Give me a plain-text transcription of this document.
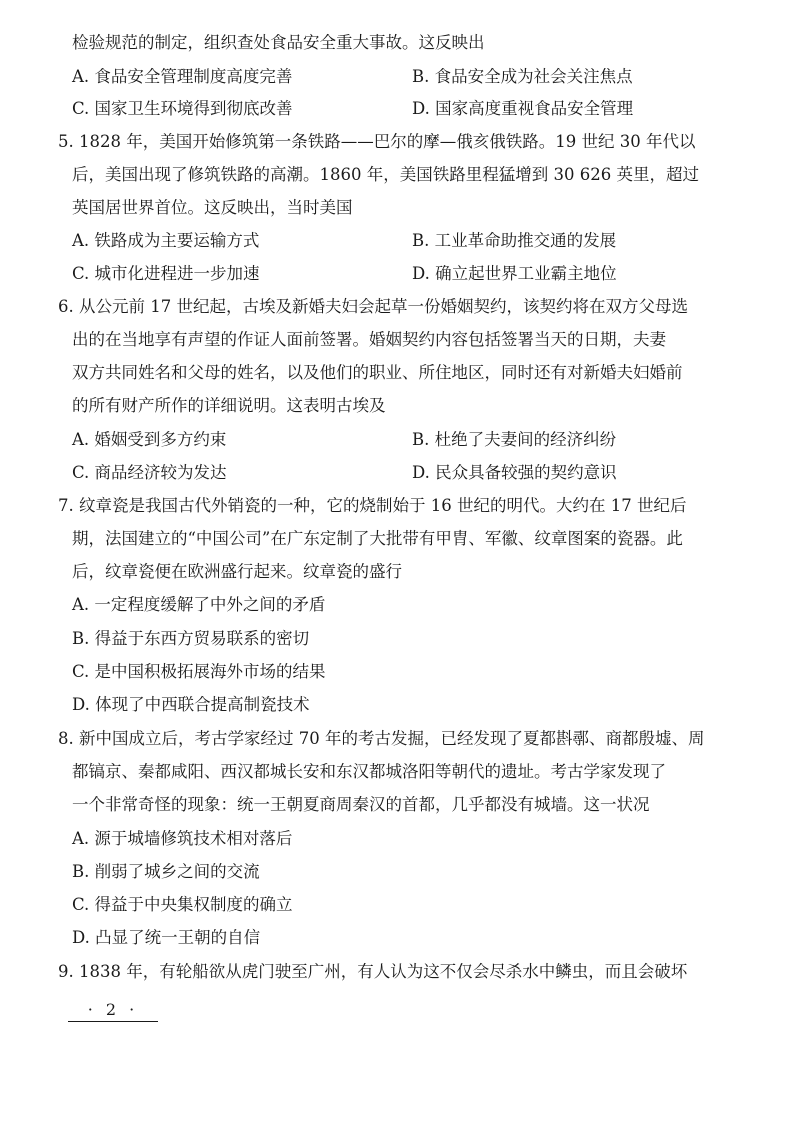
检验规范的制定，组织查处食品安全重大事故。这反映出
A. 食品安全管理制度高度完善	B. 食品安全成为社会关注焦点
C. 国家卫生环境得到彻底改善	D. 国家高度重视食品安全管理
5. 1828 年，美国开始修筑第一条铁路——巴尔的摩—俄亥俄铁路。19 世纪 30 年代以
后，美国出现了修筑铁路的高潮。1860 年，美国铁路里程猛增到 30 626 英里，超过
英国居世界首位。这反映出，当时美国
A. 铁路成为主要运输方式	B. 工业革命助推交通的发展
C. 城市化进程进一步加速	D. 确立起世界工业霸主地位
6. 从公元前 17 世纪起，古埃及新婚夫妇会起草一份婚姻契约，该契约将在双方父母选
出的在当地享有声望的作证人面前签署。婚姻契约内容包括签署当天的日期，夫妻
双方共同姓名和父母的姓名，以及他们的职业、所住地区，同时还有对新婚夫妇婚前
的所有财产所作的详细说明。这表明古埃及
A. 婚姻受到多方约束	B. 杜绝了夫妻间的经济纠纷
C. 商品经济较为发达	D. 民众具备较强的契约意识
7. 纹章瓷是我国古代外销瓷的一种，它的烧制始于 16 世纪的明代。大约在 17 世纪后
期，法国建立的“中国公司”在广东定制了大批带有甲胄、军徽、纹章图案的瓷器。此
后，纹章瓷便在欧洲盛行起来。纹章瓷的盛行
A. 一定程度缓解了中外之间的矛盾
B. 得益于东西方贸易联系的密切
C. 是中国积极拓展海外市场的结果
D. 体现了中西联合提高制瓷技术
8. 新中国成立后，考古学家经过 70 年的考古发掘，已经发现了夏都斟鄩、商都殷墟、周
都镐京、秦都咸阳、西汉都城长安和东汉都城洛阳等朝代的遗址。考古学家发现了
一个非常奇怪的现象：统一王朝夏商周秦汉的首都，几乎都没有城墙。这一状况
A. 源于城墙修筑技术相对落后
B. 削弱了城乡之间的交流
C. 得益于中央集权制度的确立
D. 凸显了统一王朝的自信
9. 1838 年，有轮船欲从虎门驶至广州，有人认为这不仅会尽杀水中鳞虫，而且会破坏
· 2 ·
